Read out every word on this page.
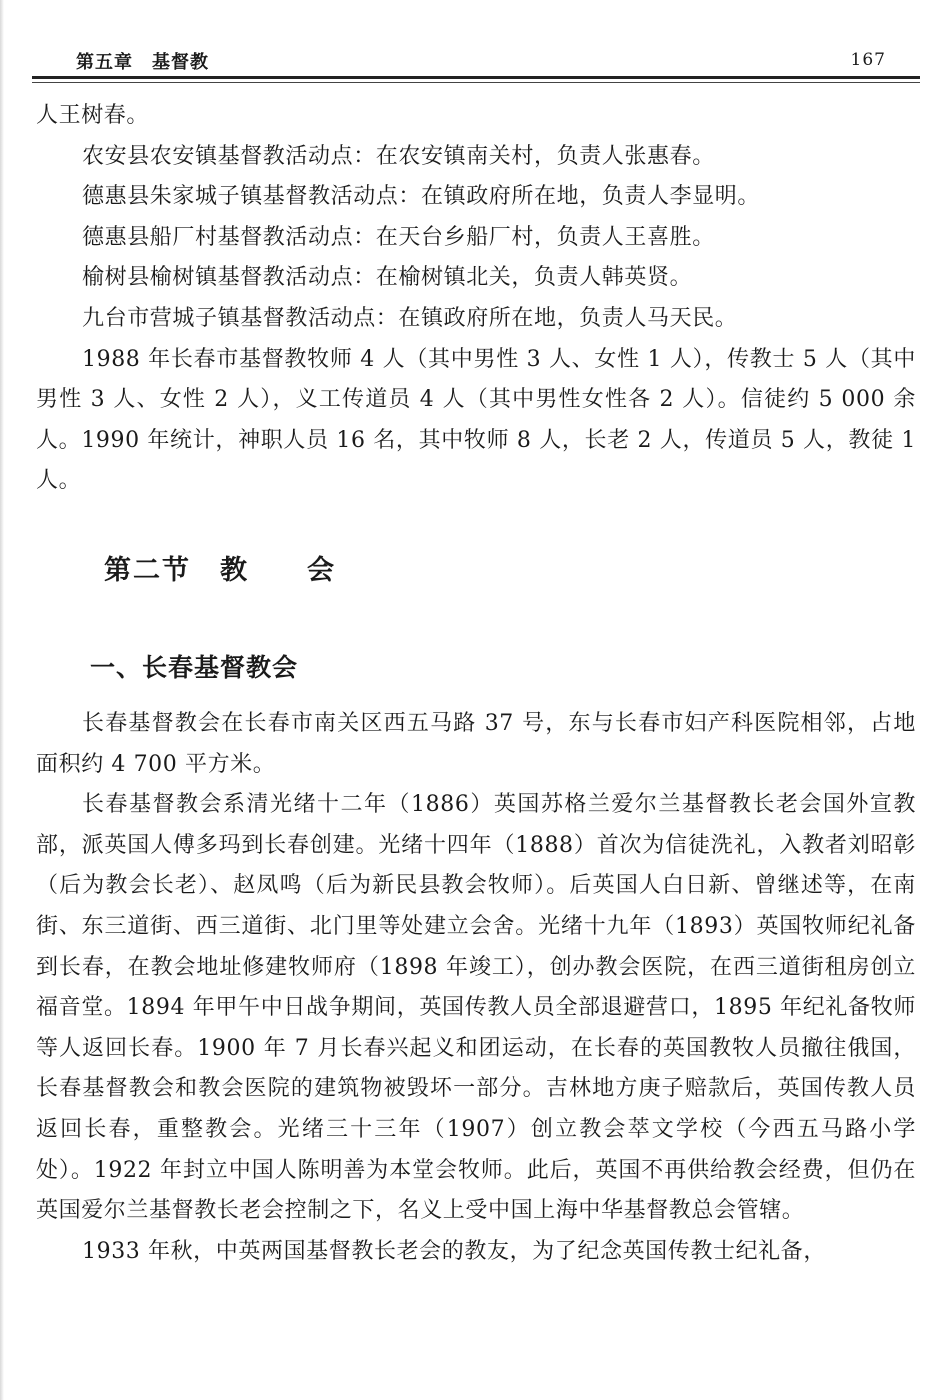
第五章　基督教	167

人王树春。

农安县农安镇基督教活动点：在农安镇南关村，负责人张惠春。

德惠县朱家城子镇基督教活动点：在镇政府所在地，负责人李显明。

德惠县船厂村基督教活动点：在天台乡船厂村，负责人王喜胜。

榆树县榆树镇基督教活动点：在榆树镇北关，负责人韩英贤。

九台市营城子镇基督教活动点：在镇政府所在地，负责人马天民。

1988 年长春市基督教牧师 4 人（其中男性 3 人、女性 1 人），传教士 5 人（其中男性 3 人、女性 2 人），义工传道员 4 人（其中男性女性各 2 人）。信徒约 5 000 余人。1990 年统计，神职人员 16 名，其中牧师 8 人，长老 2 人，传道员 5 人，教徒 1 人。

第二节　教　　会
一、长春基督教会

长春基督教会在长春市南关区西五马路 37 号，东与长春市妇产科医院相邻，占地面积约 4 700 平方米。

长春基督教会系清光绪十二年（1886）英国苏格兰爱尔兰基督教长老会国外宣教部，派英国人傅多玛到长春创建。光绪十四年（1888）首次为信徒洗礼，入教者刘昭彰（后为教会长老）、赵凤鸣（后为新民县教会牧师）。后英国人白日新、曾继述等，在南街、东三道街、西三道街、北门里等处建立会舍。光绪十九年（1893）英国牧师纪礼备到长春，在教会地址修建牧师府（1898 年竣工），创办教会医院，在西三道街租房创立福音堂。1894 年甲午中日战争期间，英国传教人员全部退避营口，1895 年纪礼备牧师等人返回长春。1900 年 7 月长春兴起义和团运动，在长春的英国教牧人员撤往俄国，长春基督教会和教会医院的建筑物被毁坏一部分。吉林地方庚子赔款后，英国传教人员返回长春，重整教会。光绪三十三年（1907）创立教会萃文学校（今西五马路小学处）。1922 年封立中国人陈明善为本堂会牧师。此后，英国不再供给教会经费，但仍在英国爱尔兰基督教长老会控制之下，名义上受中国上海中华基督教总会管辖。

1933 年秋，中英两国基督教长老会的教友，为了纪念英国传教士纪礼备，
